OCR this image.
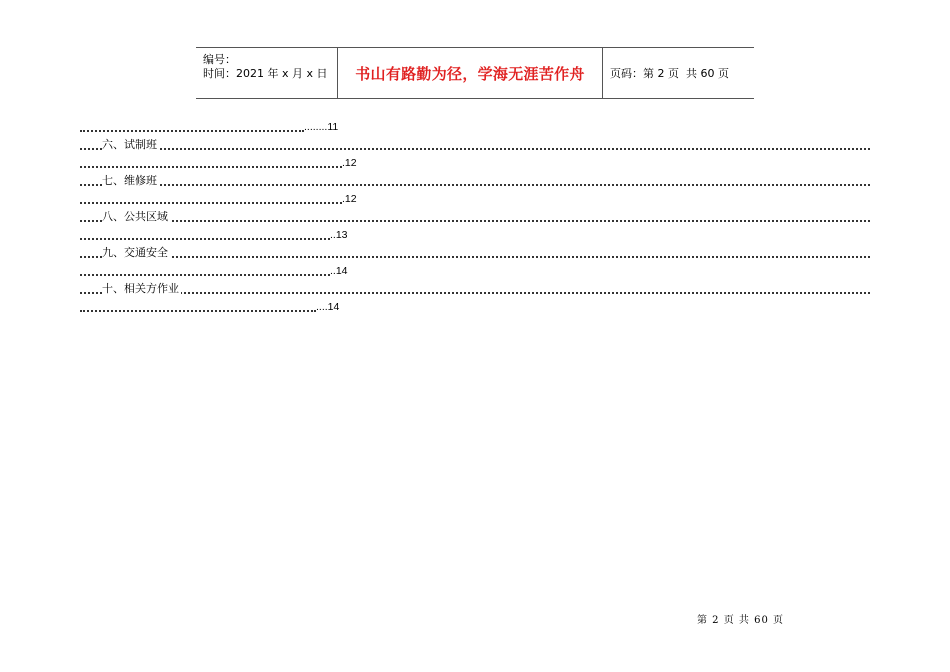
编号：
时间：2021 年 x 月 x 日	书山有路勤为径，学海无涯苦作舟	页码：第 2 页  共 60 页
........11
六、试制班
.12
七、维修班
.12
八、公共区域
..13
九、交通安全
..14
十、相关方作业
....14
第 2 页 共 60 页
